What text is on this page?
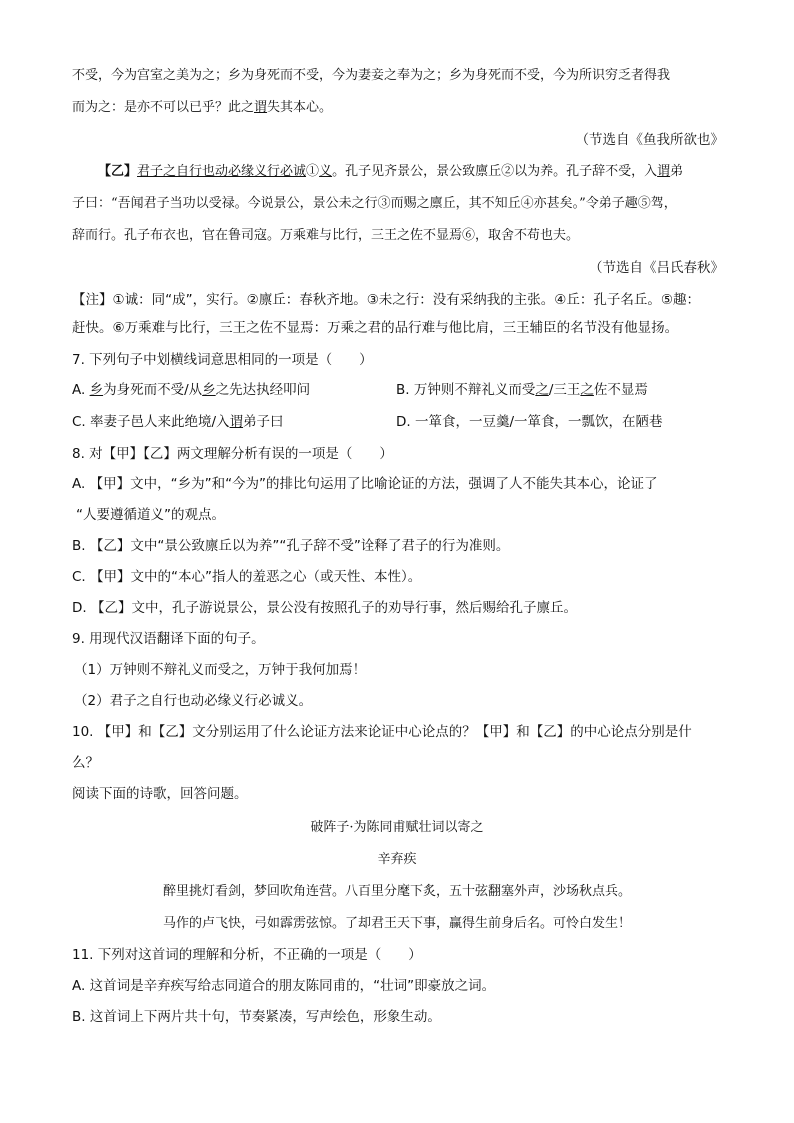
不受，今为宫室之美为之；乡为身死而不受，今为妻妾之奉为之；乡为身死而不受，今为所识穷乏者得我
而为之：是亦不可以已乎？此之谓失其本心。
（节选自《鱼我所欲也》
【乙】君子之自行也动必缘义行必诚①义。孔子见齐景公，景公致廪丘②以为养。孔子辞不受，入谓弟
子曰：“吾闻君子当功以受禄。今说景公，景公未之行③而赐之廪丘，其不知丘④亦甚矣。”令弟子趣⑤驾，
辞而行。孔子布衣也，官在鲁司寇。万乘难与比行，三王之佐不显焉⑥，取舍不苟也夫。
（节选自《吕氏春秋》
【注】①诚：同“成”，实行。②廪丘：春秋齐地。③未之行：没有采纳我的主张。④丘：孔子名丘。⑤趣：
赶快。⑥万乘难与比行，三王之佐不显焉：万乘之君的品行难与他比肩，三王辅臣的名节没有他显扬。
7. 下列句子中划横线词意思相同的一项是（　　）
A. 乡为身死而不受/从乡之先达执经叩问	B. 万钟则不辩礼义而受之/三王之佐不显焉
C. 率妻子邑人来此绝境/入谓弟子曰	D. 一箪食，一豆羹/一箪食，一瓢饮，在陋巷
8. 对【甲】【乙】两文理解分析有误的一项是（　　）
A. 【甲】文中，“乡为”和“今为”的排比句运用了比喻论证的方法，强调了人不能失其本心，论证了
“人要遵循道义”的观点。
B. 【乙】文中“景公致廪丘以为养”“孔子辞不受”诠释了君子的行为准则。
C. 【甲】文中的“本心”指人的羞恶之心（或天性、本性）。
D. 【乙】文中，孔子游说景公，景公没有按照孔子的劝导行事，然后赐给孔子廪丘。
9. 用现代汉语翻译下面的句子。
（1）万钟则不辩礼义而受之，万钟于我何加焉！
（2）君子之自行也动必缘义行必诚义。
10. 【甲】和【乙】文分别运用了什么论证方法来论证中心论点的？【甲】和【乙】的中心论点分别是什
么？
阅读下面的诗歌，回答问题。
破阵子·为陈同甫赋壮词以寄之
辛弃疾
醉里挑灯看剑，梦回吹角连营。八百里分麾下炙，五十弦翻塞外声，沙场秋点兵。
马作的卢飞快，弓如霹雳弦惊。了却君王天下事，赢得生前身后名。可怜白发生！
11. 下列对这首词的理解和分析，不正确的一项是（　　）
A. 这首词是辛弃疾写给志同道合的朋友陈同甫的，“壮词”即豪放之词。
B. 这首词上下两片共十句，节奏紧凑，写声绘色，形象生动。
